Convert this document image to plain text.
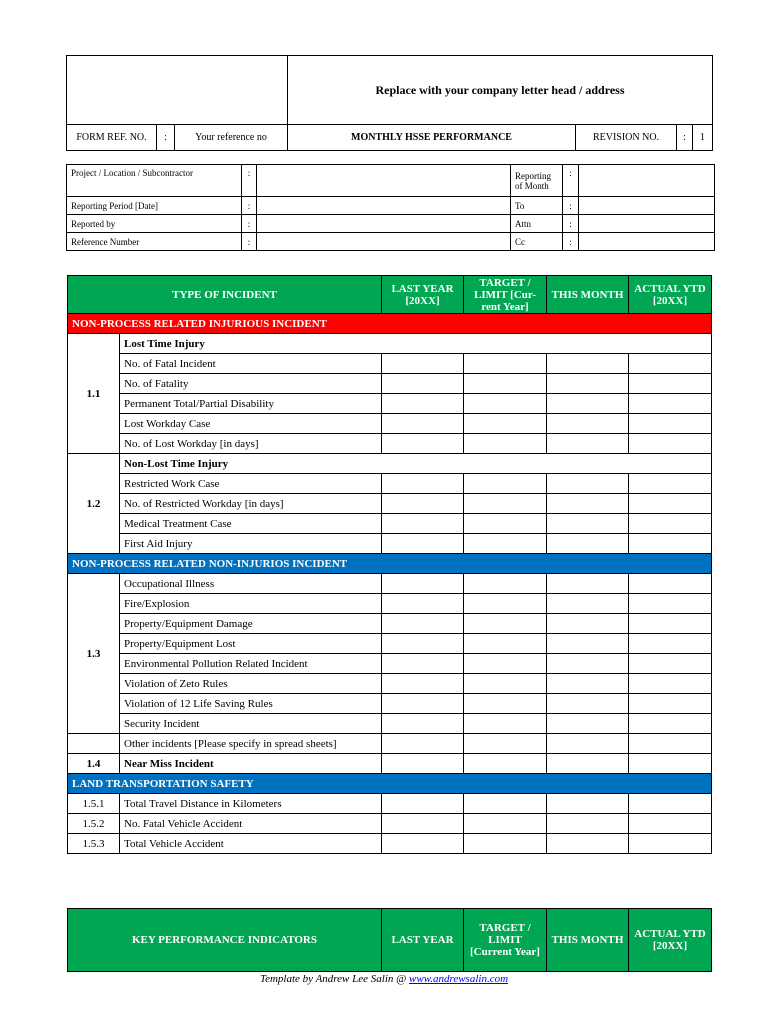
			Replace with your company letter head / address			
FORM REF. NO.	:	Your reference no	MONTHLY HSSE PERFORMANCE	REVISION NO.	:	1
Project / Location / Subcontractor	:		Reporting of Month	:	
Reporting Period [Date]	:		To	:	
Reported by	:		Attn	:	
Reference Number	:		Cc	:	
TYPE OF INCIDENT		LAST YEAR [20XX]	TARGET / LIMIT [Cur-rent Year]	THIS MONTH	ACTUAL YTD [20XX]
NON-PROCESS RELATED INJURIOUS INCIDENT					
1.1	Lost Time Injury				
	No. of Fatal Incident				
	No. of Fatality				
	Permanent Total/Partial Disability				
	Lost Workday Case				
	No. of Lost Workday [in days]				
1.2	Non-Lost Time Injury				
	Restricted Work Case				
	No. of Restricted Workday [in days]				
	Medical Treatment Case				
	First Aid Injury				
NON-PROCESS RELATED NON-INJURIOS INCIDENT					
1.3	Occupational Illness				
	Fire/Explosion				
	Property/Equipment Damage				
	Property/Equipment Lost				
	Environmental Pollution Related Incident				
	Violation of Zeto Rules				
	Violation of 12 Life Saving Rules				
	Security Incident				
	Other incidents [Please specify in spread sheets]				
1.4	Near Miss Incident				
LAND TRANSPORTATION SAFETY					
1.5.1	Total Travel Distance in Kilometers				
1.5.2	No. Fatal Vehicle Accident				
1.5.3	Total Vehicle Accident				
KEY PERFORMANCE INDICATORS	LAST YEAR	TARGET / LIMIT [Current Year]	THIS MONTH	ACTUAL YTD [20XX]
Template by Andrew Lee Salin @ www.andrewsalin.com
